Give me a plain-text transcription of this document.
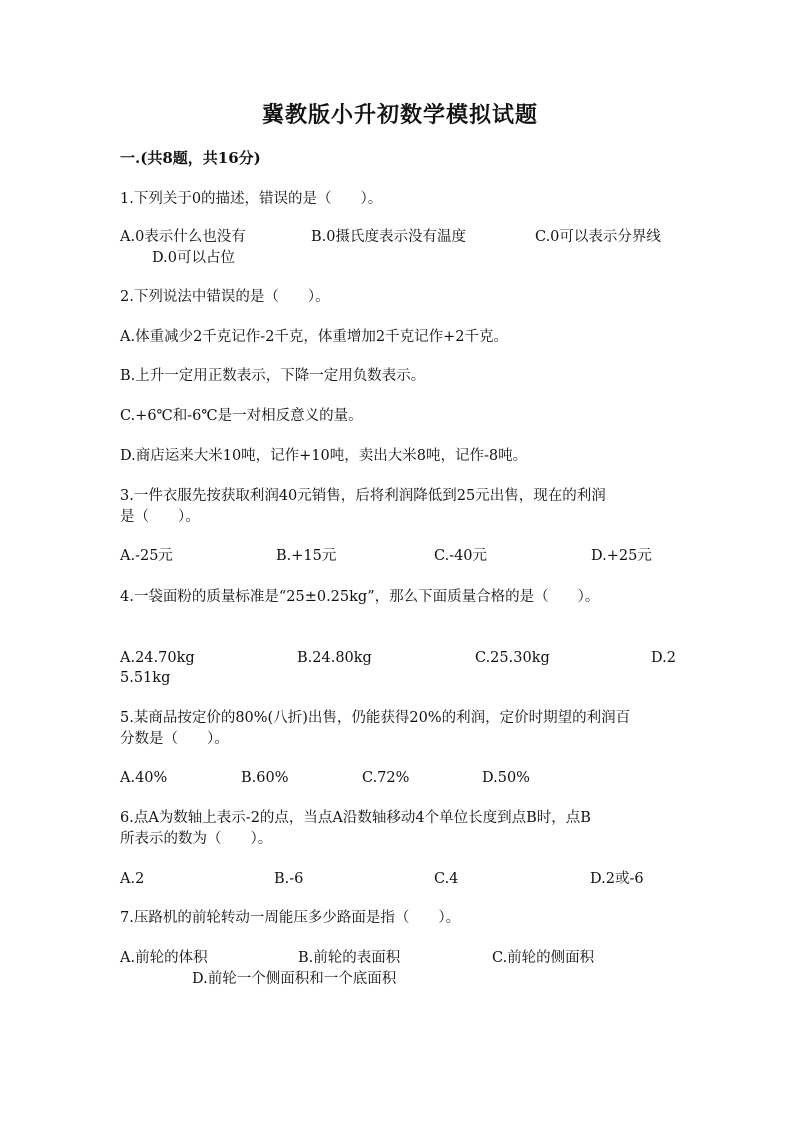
冀教版小升初数学模拟试题
一.(共8题，共16分)
1.下列关于0的描述，错误的是（　　）。
A.0表示什么也没有	B.0摄氏度表示没有温度	C.0可以表示分界线
D.0可以占位
2.下列说法中错误的是（　　）。
A.体重减少2千克记作-2千克，体重增加2千克记作+2千克。
B.上升一定用正数表示，下降一定用负数表示。
C.+6℃和-6℃是一对相反意义的量。
D.商店运来大米10吨，记作+10吨，卖出大米8吨，记作-8吨。
3.一件衣服先按获取利润40元销售，后将利润降低到25元出售，现在的利润
是（　　）。
A.-25元	B.+15元	C.-40元	D.+25元
4.一袋面粉的质量标准是“25±0.25kg”，那么下面质量合格的是（　　）。
A.24.70kg	B.24.80kg	C.25.30kg	D.2
5.51kg
5.某商品按定价的80%(八折)出售，仍能获得20%的利润，定价时期望的利润百
分数是（　　）。
A.40%	B.60%	C.72%	D.50%
6.点A为数轴上表示-2的点，当点A沿数轴移动4个单位长度到点B时，点B
所表示的数为（　　）。
A.2	B.-6	C.4	D.2或-6
7.压路机的前轮转动一周能压多少路面是指（　　）。
A.前轮的体积	B.前轮的表面积	C.前轮的侧面积
D.前轮一个侧面积和一个底面积
